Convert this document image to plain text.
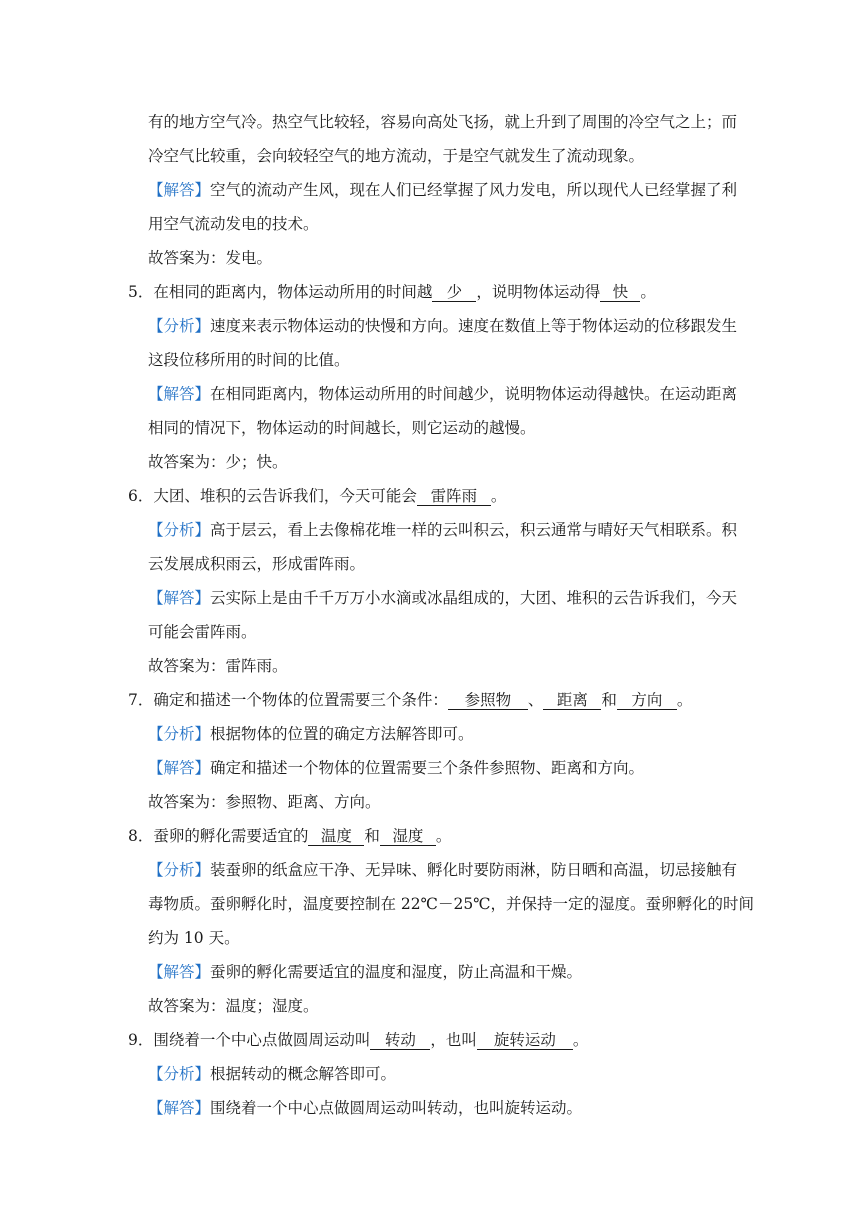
有的地方空气冷。热空气比较轻，容易向高处飞扬，就上升到了周围的冷空气之上；而
冷空气比较重，会向较轻空气的地方流动，于是空气就发生了流动现象。
【解答】空气的流动产生风，现在人们已经掌握了风力发电，所以现代人已经掌握了利
用空气流动发电的技术。
故答案为：发电。
5．在相同的距离内，物体运动所用的时间越 少 ，说明物体运动得 快 。
【分析】速度来表示物体运动的快慢和方向。速度在数值上等于物体运动的位移跟发生
这段位移所用的时间的比值。
【解答】在相同距离内，物体运动所用的时间越少，说明物体运动得越快。在运动距离
相同的情况下，物体运动的时间越长，则它运动的越慢。
故答案为：少；快。
6．大团、堆积的云告诉我们，今天可能会 雷阵雨 。
【分析】高于层云，看上去像棉花堆一样的云叫积云，积云通常与晴好天气相联系。积
云发展成积雨云，形成雷阵雨。
【解答】云实际上是由千千万万小水滴或冰晶组成的，大团、堆积的云告诉我们，今天
可能会雷阵雨。
故答案为：雷阵雨。
7．确定和描述一个物体的位置需要三个条件： 参照物 、 距离 和 方向 。
【分析】根据物体的位置的确定方法解答即可。
【解答】确定和描述一个物体的位置需要三个条件参照物、距离和方向。
故答案为：参照物、距离、方向。
8．蚕卵的孵化需要适宜的 温度 和 湿度 。
【分析】装蚕卵的纸盒应干净、无异味、孵化时要防雨淋，防日晒和高温，切忌接触有
毒物质。蚕卵孵化时，温度要控制在 22℃－25℃，并保持一定的湿度。蚕卵孵化的时间
约为 10 天。
【解答】蚕卵的孵化需要适宜的温度和湿度，防止高温和干燥。
故答案为：温度；湿度。
9．围绕着一个中心点做圆周运动叫 转动 ，也叫 旋转运动 。
【分析】根据转动的概念解答即可。
【解答】围绕着一个中心点做圆周运动叫转动，也叫旋转运动。
